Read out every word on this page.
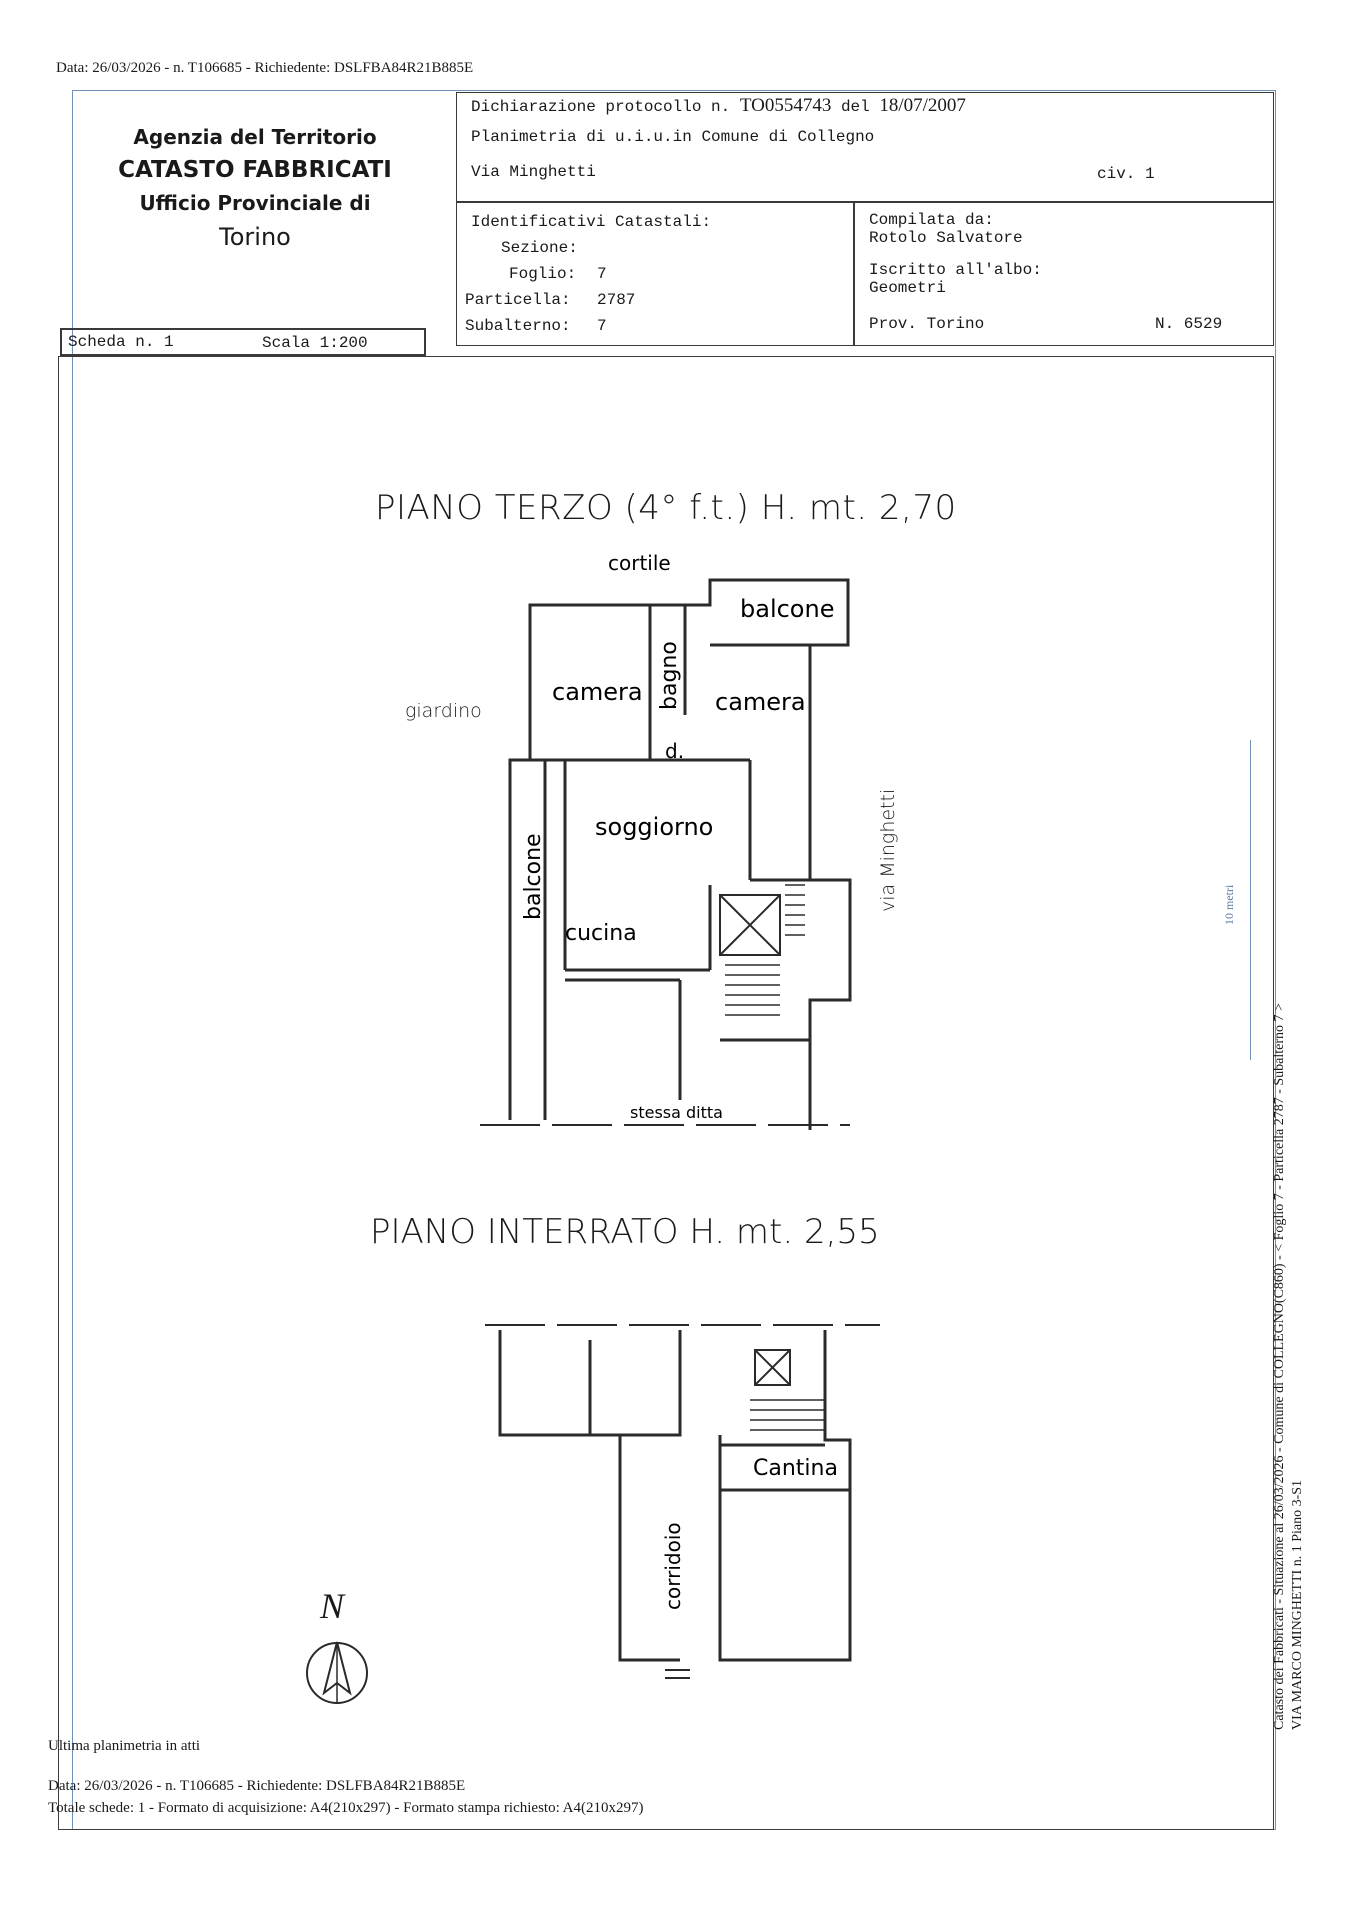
Data: 26/03/2026 - n. T106685 - Richiedente: DSLFBA84R21B885E
Agenzia del Territorio
CATASTO FABBRICATI
Ufficio Provinciale di
Torino
Dichiarazione protocollo n. TO0554743 del 18/07/2007
Planimetria di u.i.u.in Comune di Collegno
Via Minghetti	civ. 1
Identificativi Catastali:
Sezione:
Foglio: 7
Particella: 2787
Subalterno: 7
Compilata da:
Rotolo Salvatore
Iscritto all'albo:
Geometri
Prov. Torino	N. 6529
Scheda n. 1	Scala 1:200
PIANO TERZO (4° f.t.) H. mt. 2,70
cortile
balcone
camera bagno camera
d.
soggiorno
balcone
cucina
stessa ditta
giardino
via Minghetti
PIANO INTERRATO H. mt. 2,55
Cantina
corridoio
N
10 metri
Catasto dei Fabbricati - Situazione al 26/03/2026 - Comune di COLLEGNO(C860) - < Foglio 7 - Particella 2787 - Subalterno 7 > VIA MARCO MINGHETTI n. 1 Piano 3-S1
Ultima planimetria in atti
Data: 26/03/2026 - n. T106685 - Richiedente: DSLFBA84R21B885E
Totale schede: 1 - Formato di acquisizione: A4(210x297) - Formato stampa richiesto: A4(210x297)
